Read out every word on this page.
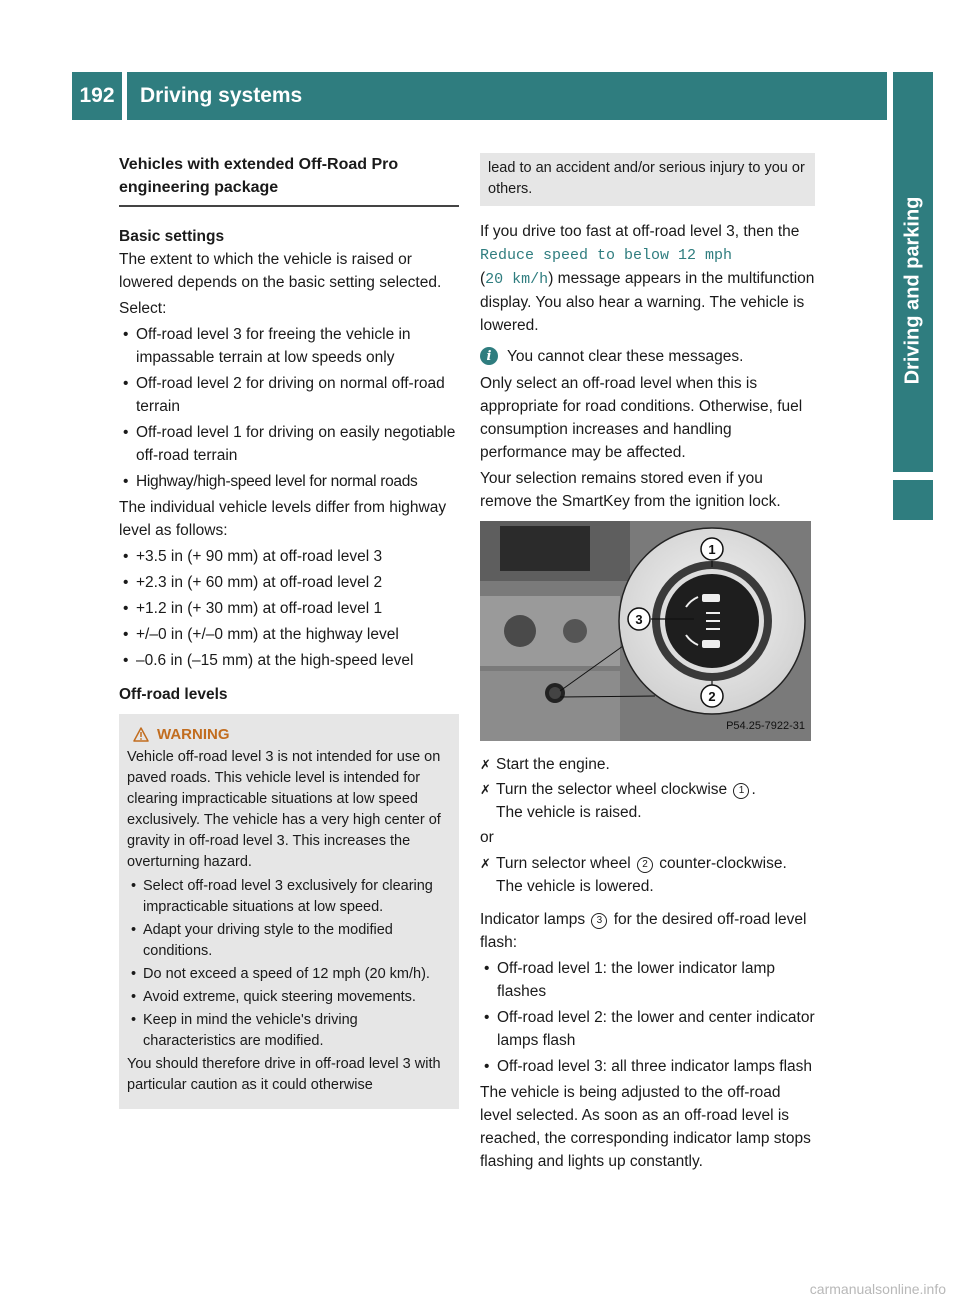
192	Driving systems
Driving and parking
Vehicles with extended Off-Road Pro engineering package

Basic settings

The extent to which the vehicle is raised or lowered depends on the basic setting selected.

Select:

• Off-road level 3 for freeing the vehicle in impassable terrain at low speeds only
• Off-road level 2 for driving on normal off-road terrain
• Off-road level 1 for driving on easily negotiable off-road terrain
• Highway/high-speed level for normal roads

The individual vehicle levels differ from highway level as follows:

• +3.5 in (+ 90 mm) at off-road level 3
• +2.3 in (+ 60 mm) at off-road level 2
• +1.2 in (+ 30 mm) at off-road level 1
• +/–0 in (+/–0 mm) at the highway level
• –0.6 in (–15 mm) at the high-speed level

Off-road levels

WARNING

Vehicle off-road level 3 is not intended for use on paved roads. This vehicle level is intended for clearing impracticable situations at low speed exclusively. The vehicle has a very high center of gravity in off-road level 3. This increases the overturning hazard.

• Select off-road level 3 exclusively for clearing impracticable situations at low speed.
• Adapt your driving style to the modified conditions.
• Do not exceed a speed of 12 mph (20 km/h).
• Avoid extreme, quick steering movements.
• Keep in mind the vehicle's driving characteristics are modified.

You should therefore drive in off-road level 3 with particular caution as it could otherwise

lead to an accident and/or serious injury to you or others.

If you drive too fast at off-road level 3, then the Reduce speed to below 12 mph
(20 km/h) message appears in the multifunction display. You also hear a warning. The vehicle is lowered.

i	You cannot clear these messages.

Only select an off-road level when this is appropriate for road conditions. Otherwise, fuel consumption increases and handling performance may be affected.

Your selection remains stored even if you remove the SmartKey from the ignition lock.

1
2
3
P54.25-7922-31
✗ Start the engine.
✗ Turn the selector wheel clockwise 1 .
The vehicle is raised.

or

✗ Turn selector wheel 2 counter-clockwise.
The vehicle is lowered.

Indicator lamps 3 for the desired off-road level flash:

• Off-road level 1: the lower indicator lamp flashes
• Off-road level 2: the lower and center indicator lamps flash
• Off-road level 3: all three indicator lamps flash

The vehicle is being adjusted to the off-road level selected. As soon as an off-road level is reached, the corresponding indicator lamp stops flashing and lights up constantly.

carmanualsonline.info
